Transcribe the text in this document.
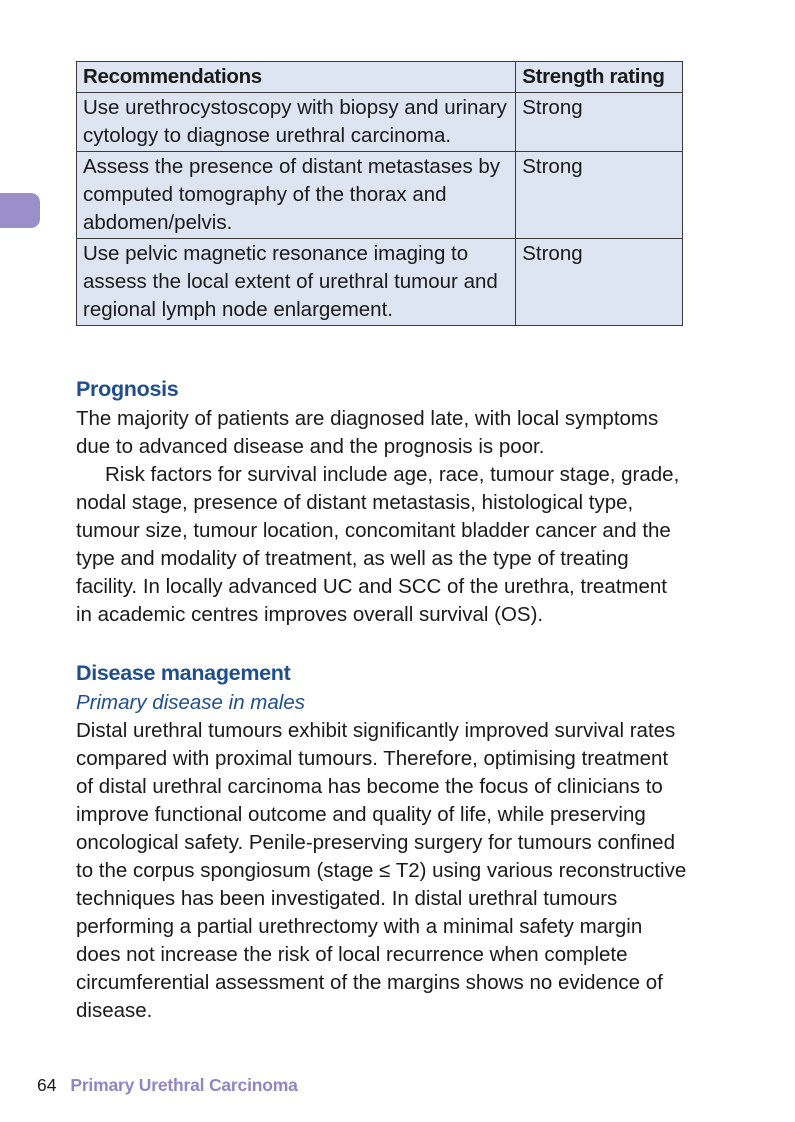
Recommendations	Strength rating
Use urethrocystoscopy with biopsy and urinary cytology to diagnose urethral carcinoma.	Strong
Assess the presence of distant metastases by computed tomography of the thorax and abdomen/pelvis.	Strong
Use pelvic magnetic resonance imaging to assess the local extent of urethral tumour and regional lymph node enlargement.	Strong
Prognosis

The majority of patients are diagnosed late, with local symptoms due to advanced disease and the prognosis is poor.

Risk factors for survival include age, race, tumour stage, grade, nodal stage, presence of distant metastasis, histological type, tumour size, tumour location, concomitant bladder cancer and the type and modality of treatment, as well as the type of treating facility. In locally advanced UC and SCC of the urethra, treatment in academic centres improves overall survival (OS).

Disease management
Primary disease in males

Distal urethral tumours exhibit significantly improved survival rates compared with proximal tumours. Therefore, optimising treatment of distal urethral carcinoma has become the focus of clinicians to improve functional outcome and quality of life, while preserving oncological safety. Penile-preserving surgery for tumours confined to the corpus spongiosum (stage ≤ T2) using various reconstructive techniques has been investigated. In distal urethral tumours performing a partial urethrectomy with a minimal safety margin does not increase the risk of local recurrence when complete circumferential assessment of the margins shows no evidence of disease.

64 Primary Urethral Carcinoma
